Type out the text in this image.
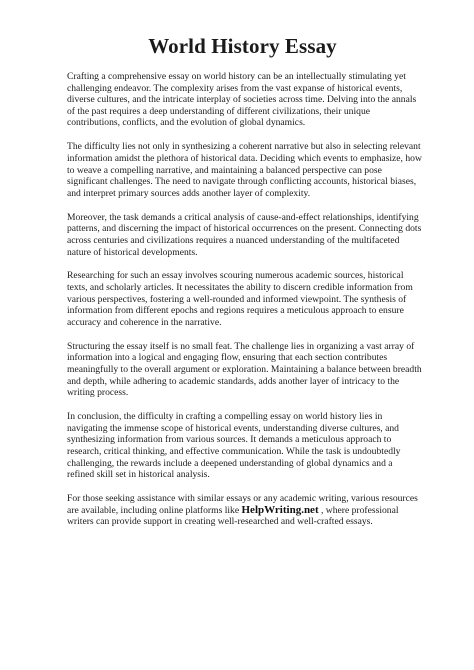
World History Essay

Crafting a comprehensive essay on world history can be an intellectually stimulating yet challenging endeavor. The complexity arises from the vast expanse of historical events, diverse cultures, and the intricate interplay of societies across time. Delving into the annals of the past requires a deep understanding of different civilizations, their unique contributions, conflicts, and the evolution of global dynamics.

The difficulty lies not only in synthesizing a coherent narrative but also in selecting relevant information amidst the plethora of historical data. Deciding which events to emphasize, how to weave a compelling narrative, and maintaining a balanced perspective can pose significant challenges. The need to navigate through conflicting accounts, historical biases, and interpret primary sources adds another layer of complexity.

Moreover, the task demands a critical analysis of cause-and-effect relationships, identifying patterns, and discerning the impact of historical occurrences on the present. Connecting dots across centuries and civilizations requires a nuanced understanding of the multifaceted nature of historical developments.

Researching for such an essay involves scouring numerous academic sources, historical texts, and scholarly articles. It necessitates the ability to discern credible information from various perspectives, fostering a well-rounded and informed viewpoint. The synthesis of information from different epochs and regions requires a meticulous approach to ensure accuracy and coherence in the narrative.

Structuring the essay itself is no small feat. The challenge lies in organizing a vast array of information into a logical and engaging flow, ensuring that each section contributes meaningfully to the overall argument or exploration. Maintaining a balance between breadth and depth, while adhering to academic standards, adds another layer of intricacy to the writing process.

In conclusion, the difficulty in crafting a compelling essay on world history lies in navigating the immense scope of historical events, understanding diverse cultures, and synthesizing information from various sources. It demands a meticulous approach to research, critical thinking, and effective communication. While the task is undoubtedly challenging, the rewards include a deepened understanding of global dynamics and a refined skill set in historical analysis.

For those seeking assistance with similar essays or any academic writing, various resources are available, including online platforms like HelpWriting.net , where professional writers can provide support in creating well-researched and well-crafted essays.
